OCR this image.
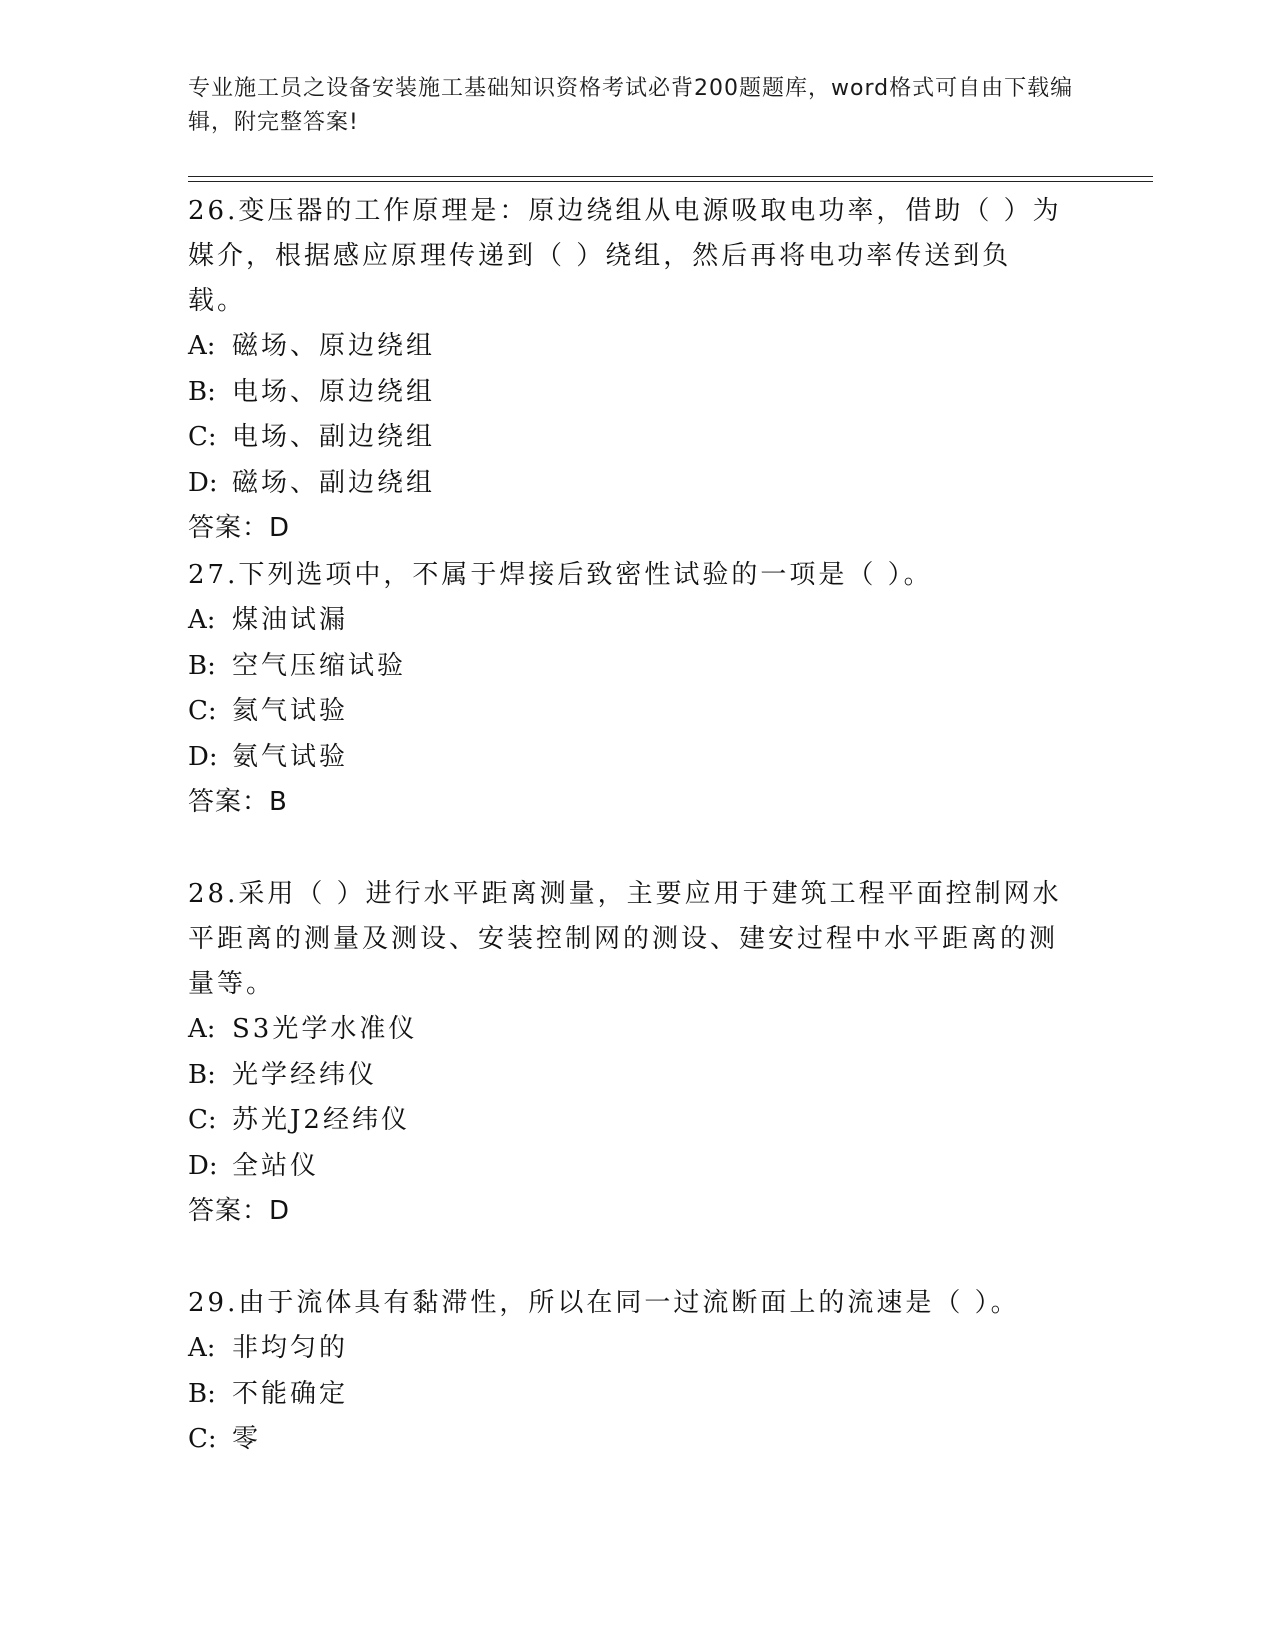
专业施工员之设备安装施工基础知识资格考试必背200题题库，word格式可自由下载编辑，附完整答案!

26.变压器的工作原理是：原边绕组从电源吸取电功率，借助（ ）为媒介，根据感应原理传递到（ ）绕组，然后再将电功率传送到负载。

A: 磁场、原边绕组

B: 电场、原边绕组

C: 电场、副边绕组

D: 磁场、副边绕组

答案：D

27.下列选项中，不属于焊接后致密性试验的一项是（ ）。

A: 煤油试漏

B: 空气压缩试验

C: 氦气试验

D: 氨气试验

答案：B

28.采用（ ）进行水平距离测量，主要应用于建筑工程平面控制网水平距离的测量及测设、安装控制网的测设、建安过程中水平距离的测量等。

A: S3光学水准仪

B: 光学经纬仪

C: 苏光J2经纬仪

D: 全站仪

答案：D

29.由于流体具有黏滞性，所以在同一过流断面上的流速是（ ）。

A: 非均匀的

B: 不能确定

C: 零
